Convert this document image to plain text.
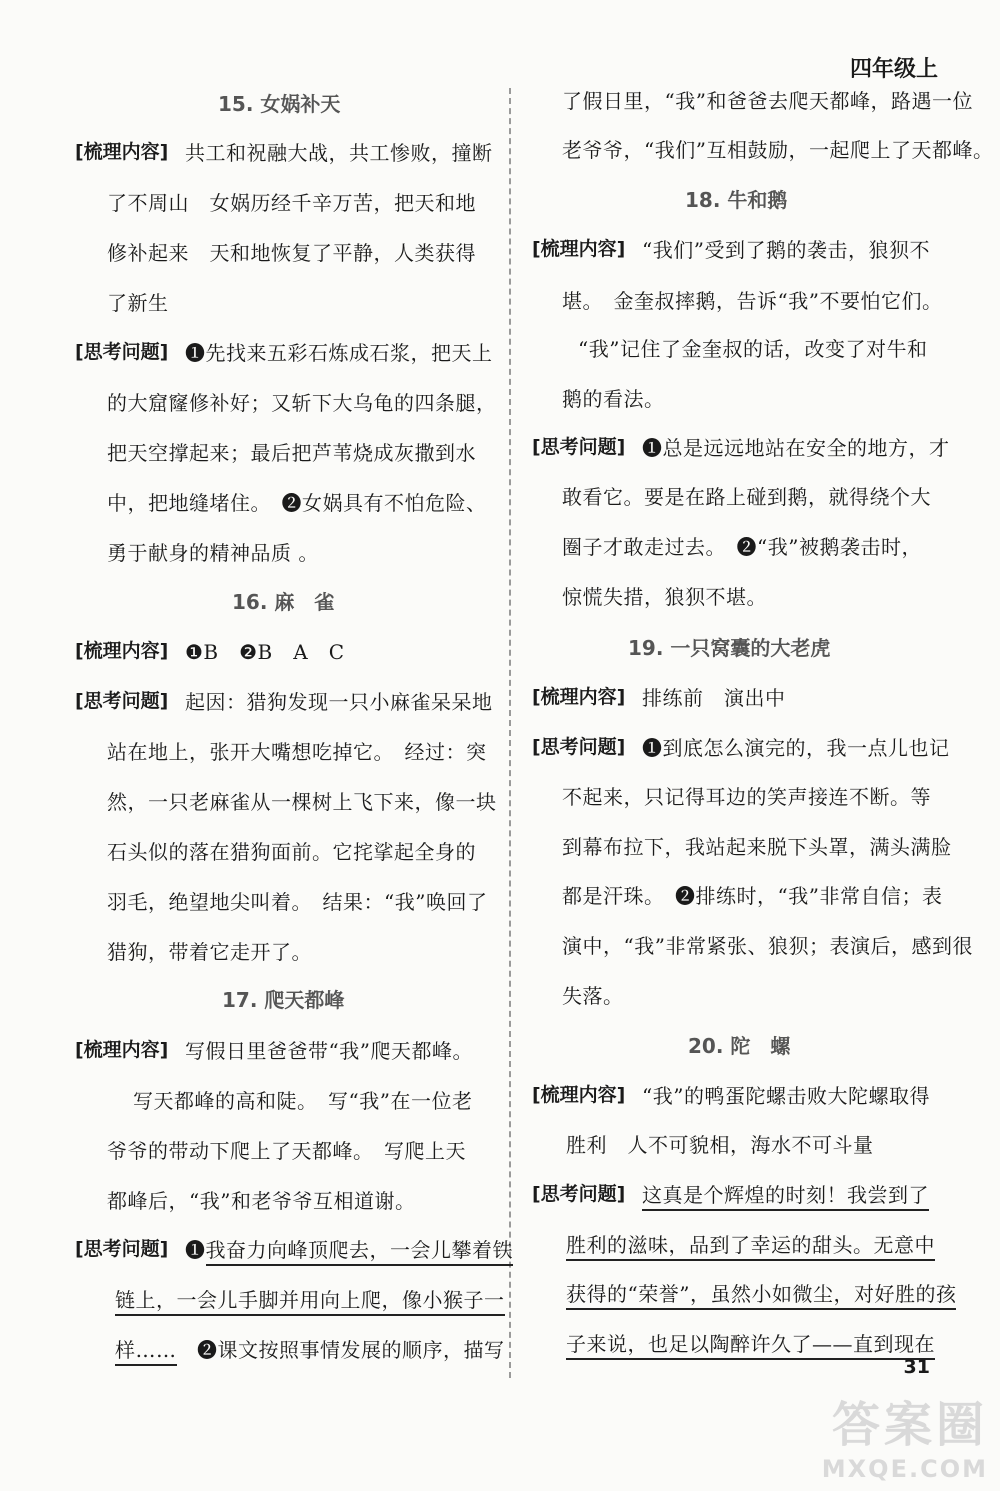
四年级上
15. 女娲补天
[梳理内容] 共工和祝融大战，共工惨败，撞断
了不周山　女娲历经千辛万苦，把天和地
修补起来　天和地恢复了平静，人类获得
了新生
[思考问题] ❶先找来五彩石炼成石浆，把天上
的大窟窿修补好；又斩下大乌龟的四条腿，
把天空撑起来；最后把芦苇烧成灰撒到水
中，把地缝堵住。　❷女娲具有不怕危险、
勇于献身的精神品质 。
16. 麻　雀
[梳理内容] ❶B　❷B　A　C
[思考问题] 起因：猎狗发现一只小麻雀呆呆地
站在地上，张开大嘴想吃掉它。　经过：突
然，一只老麻雀从一棵树上飞下来，像一块
石头似的落在猎狗面前。它挓挲起全身的
羽毛，绝望地尖叫着。　结果：“我”唤回了
猎狗，带着它走开了。
17. 爬天都峰
[梳理内容] 写假日里爸爸带“我”爬天都峰。
写天都峰的高和陡。　写“我”在一位老
爷爷的带动下爬上了天都峰。　写爬上天
都峰后，“我”和老爷爷互相道谢。
[思考问题] ❶我奋力向峰顶爬去，一会儿攀着铁
链上，一会儿手脚并用向上爬，像小猴子一
样……　❷课文按照事情发展的顺序，描写
了假日里，“我”和爸爸去爬天都峰，路遇一位
老爷爷，“我们”互相鼓励，一起爬上了天都峰。
18. 牛和鹅
[梳理内容] “我们”受到了鹅的袭击，狼狈不
堪。　金奎叔摔鹅，告诉“我”不要怕它们。
“我”记住了金奎叔的话，改变了对牛和
鹅的看法。
[思考问题] ❶总是远远地站在安全的地方，才
敢看它。要是在路上碰到鹅，就得绕个大
圈子才敢走过去。　❷“我”被鹅袭击时，
惊慌失措，狼狈不堪。
19. 一只窝囊的大老虎
[梳理内容] 排练前　演出中
[思考问题] ❶到底怎么演完的，我一点儿也记
不起来，只记得耳边的笑声接连不断。等
到幕布拉下，我站起来脱下头罩，满头满脸
都是汗珠。　❷排练时，“我”非常自信；表
演中，“我”非常紧张、狼狈；表演后，感到很
失落。
20. 陀　螺
[梳理内容] “我”的鸭蛋陀螺击败大陀螺取得
胜利　人不可貌相，海水不可斗量
[思考问题] 这真是个辉煌的时刻！我尝到了
胜利的滋味，品到了幸运的甜头。无意中
获得的“荣誉”，虽然小如微尘，对好胜的孩
子来说，也足以陶醉许久了——直到现在
31
答案圈
MXQE.COM
